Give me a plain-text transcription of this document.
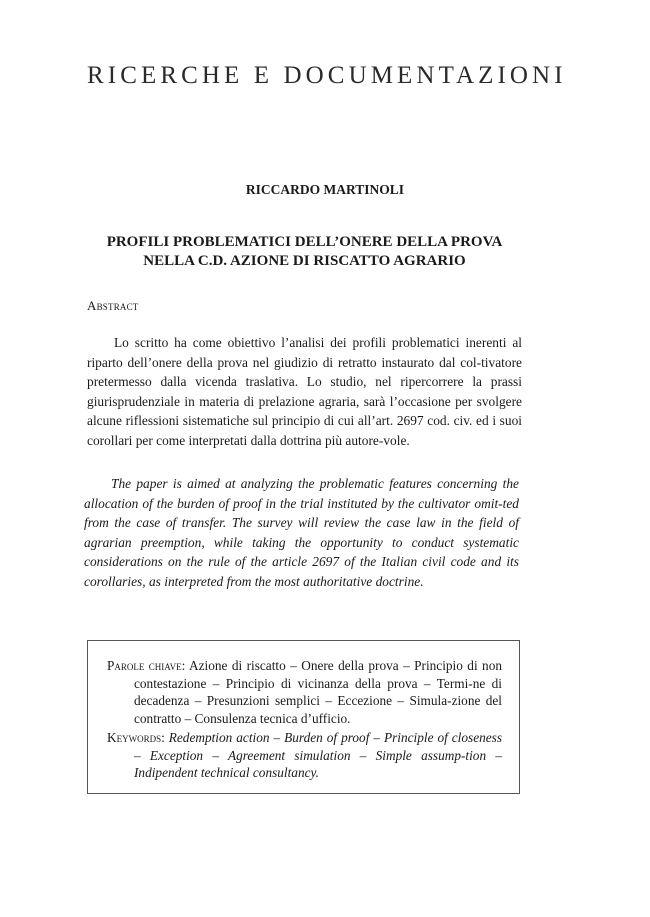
RICERCHE E DOCUMENTAZIONI
RICCARDO MARTINOLI
PROFILI PROBLEMATICI DELL’ONERE DELLA PROVA
NELLA C.D. AZIONE DI RISCATTO AGRARIO
Abstract

Lo scritto ha come obiettivo l’analisi dei profili problematici inerenti al riparto dell’onere della prova nel giudizio di retratto instaurato dal col-tivatore pretermesso dalla vicenda traslativa. Lo studio, nel ripercorrere la prassi giurisprudenziale in materia di prelazione agraria, sarà l’occasione per svolgere alcune riflessioni sistematiche sul principio di cui all’art. 2697 cod. civ. ed i suoi corollari per come interpretati dalla dottrina più autore-vole.

The paper is aimed at analyzing the problematic features concerning the allocation of the burden of proof in the trial instituted by the cultivator omit-ted from the case of transfer. The survey will review the case law in the field of agrarian preemption, while taking the opportunity to conduct systematic considerations on the rule of the article 2697 of the Italian civil code and its corollaries, as interpreted from the most authoritative doctrine.

Parole chiave: Azione di riscatto – Onere della prova – Principio di non contestazione – Principio di vicinanza della prova – Termi-ne di decadenza – Presunzioni semplici – Eccezione – Simula-zione del contratto – Consulenza tecnica d’ufficio.

Keywords: Redemption action – Burden of proof – Principle of closeness – Exception – Agreement simulation – Simple assump-tion – Indipendent technical consultancy.
